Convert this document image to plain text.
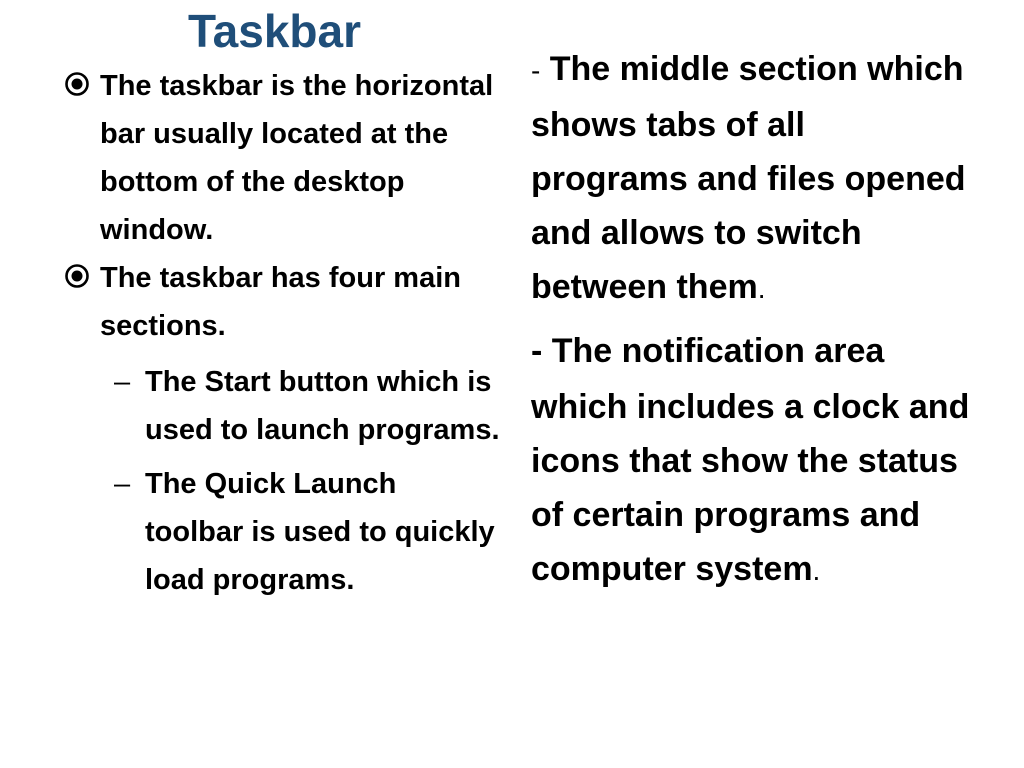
Taskbar
The taskbar is the horizontal bar usually located at the bottom of the desktop window.
The taskbar has four main sections.
– The Start button which is used to launch programs.
– The Quick Launch toolbar is used to quickly load programs.
- The middle section which shows tabs of all programs and files opened and allows to switch between them.
- The notification area which includes a clock and icons that show the status of certain programs and computer system.
